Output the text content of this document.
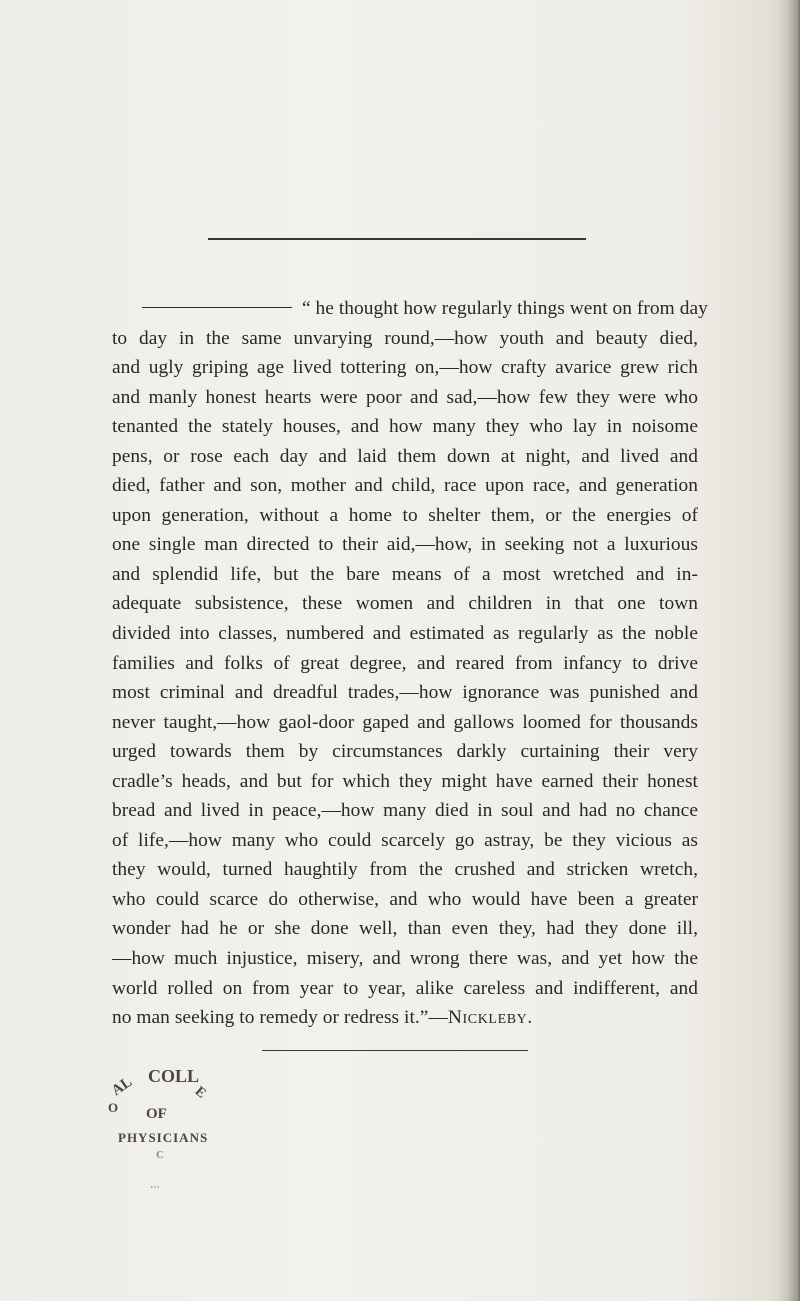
“ he thought how regularly things went on from day
to day in the same unvarying round,—how youth and beauty died,
and ugly griping age lived tottering on,—how crafty avarice grew rich
and manly honest hearts were poor and sad,—how few they were who
tenanted the stately houses, and how many they who lay in noisome
pens, or rose each day and laid them down at night, and lived and
died, father and son, mother and child, race upon race, and generation
upon generation, without a home to shelter them, or the energies of
one single man directed to their aid,—how, in seeking not a luxurious
and splendid life, but the bare means of a most wretched and in-
adequate subsistence, these women and children in that one town
divided into classes, numbered and estimated as regularly as the noble
families and folks of great degree, and reared from infancy to drive
most criminal and dreadful trades,—how ignorance was punished and
never taught,—how gaol-door gaped and gallows loomed for thousands
urged towards them by circumstances darkly curtaining their very
cradle’s heads, and but for which they might have earned their honest
bread and lived in peace,—how many died in soul and had no chance
of life,—how many who could scarcely go astray, be they vicious as
they would, turned haughtily from the crushed and stricken wretch,
who could scarce do otherwise, and who would have been a greater
wonder had he or she done well, than even they, had they done ill,
—how much injustice, misery, and wrong there was, and yet how the
world rolled on from year to year, alike careless and indifferent, and
no man seeking to remedy or redress it.”—Nickleby.
AL COLL
E
O OF
PHYSICIANS
C
…
